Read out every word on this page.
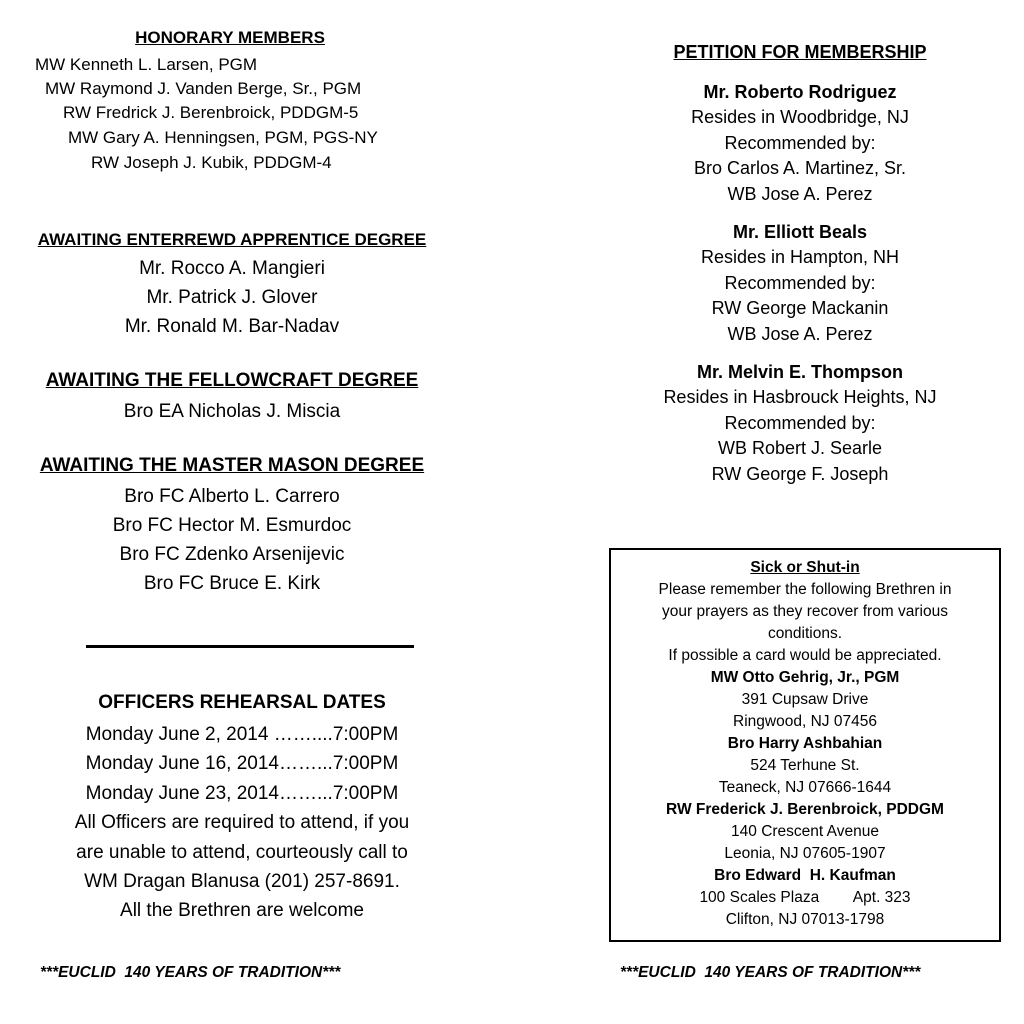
HONORARY MEMBERS
MW Kenneth L. Larsen, PGM
MW Raymond J. Vanden Berge, Sr., PGM
RW Fredrick J. Berenbroick, PDDGM-5
MW Gary A. Henningsen, PGM, PGS-NY
RW Joseph J. Kubik, PDDGM-4
AWAITING ENTERREWD APPRENTICE DEGREE
Mr. Rocco A. Mangieri
Mr. Patrick J. Glover
Mr. Ronald M. Bar-Nadav
AWAITING THE FELLOWCRAFT DEGREE
Bro EA Nicholas J. Miscia
AWAITING THE MASTER MASON DEGREE
Bro FC Alberto L. Carrero
Bro FC Hector M. Esmurdoc
Bro FC Zdenko Arsenijevic
Bro FC Bruce E. Kirk
OFFICERS REHEARSAL DATES
Monday June 2, 2014 ……....7:00PM
Monday June 16, 2014……...7:00PM
Monday June 23, 2014……...7:00PM
All Officers are required to attend, if you
are unable to attend, courteously call to
WM Dragan Blanusa (201) 257-8691.
All the Brethren are welcome
PETITION FOR MEMBERSHIP
Mr. Roberto Rodriguez
Resides in Woodbridge, NJ
Recommended by:
Bro Carlos A. Martinez, Sr.
WB Jose A. Perez
Mr. Elliott Beals
Resides in Hampton, NH
Recommended by:
RW George Mackanin
WB Jose A. Perez
Mr. Melvin E. Thompson
Resides in Hasbrouck Heights, NJ
Recommended by:
WB Robert J. Searle
RW George F. Joseph
Sick or Shut-in
Please remember the following Brethren in
your prayers as they recover from various
conditions.
If possible a card would be appreciated.
MW Otto Gehrig, Jr., PGM
391 Cupsaw Drive
Ringwood, NJ 07456
Bro Harry Ashbahian
524 Terhune St.
Teaneck, NJ 07666-1644
RW Frederick J. Berenbroick, PDDGM
140 Crescent Avenue
Leonia, NJ 07605-1907
Bro Edward  H. Kaufman
100 Scales Plaza        Apt. 323
Clifton, NJ 07013-1798
***EUCLID  140 YEARS OF TRADITION***	***EUCLID  140 YEARS OF TRADITION***
